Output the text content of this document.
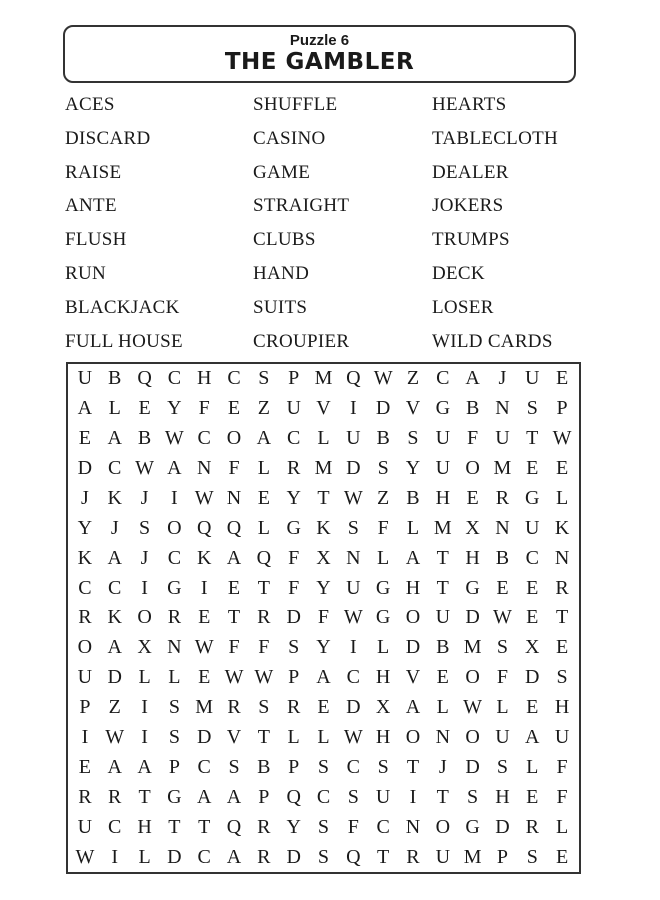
Puzzle 6
THE GAMBLER
ACES	SHUFFLE	HEARTS
DISCARD	CASINO	TABLECLOTH
RAISE	GAME	DEALER
ANTE	STRAIGHT	JOKERS
FLUSH	CLUBS	TRUMPS
RUN	HAND	DECK
BLACKJACK	SUITS	LOSER
FULL HOUSE	CROUPIER	WILD CARDS
U B Q C H C S P M Q W Z C A J U E
A L E Y F E Z U V I D V G B N S P
E A B W C O A C L U B S U F U T W
D C W A N F L R M D S Y U O M E E
J K J	I W N E Y T W Z B H E R G L
Y J	S O Q Q L G K S F L M X N U K
K A J C K A Q F X N L A T H B C N
C C I G I	E T F Y U G H T G E E R
R K O R E T R D F W G O U D W E T
O A X N W F F S Y I	L D B M S X E
U D L L E W W P A C H V E O F D S
P Z	I	S M R S R E D X A L W L E H
I W I	S D V T L L W H O N O U A U
E A A P C S B P S C S T J D S L F
R R T G A A P Q C S U I	T S H E F
U C H T T Q R Y S F C N O G D R L
W I	L D C A R D S Q T R U M P S E
